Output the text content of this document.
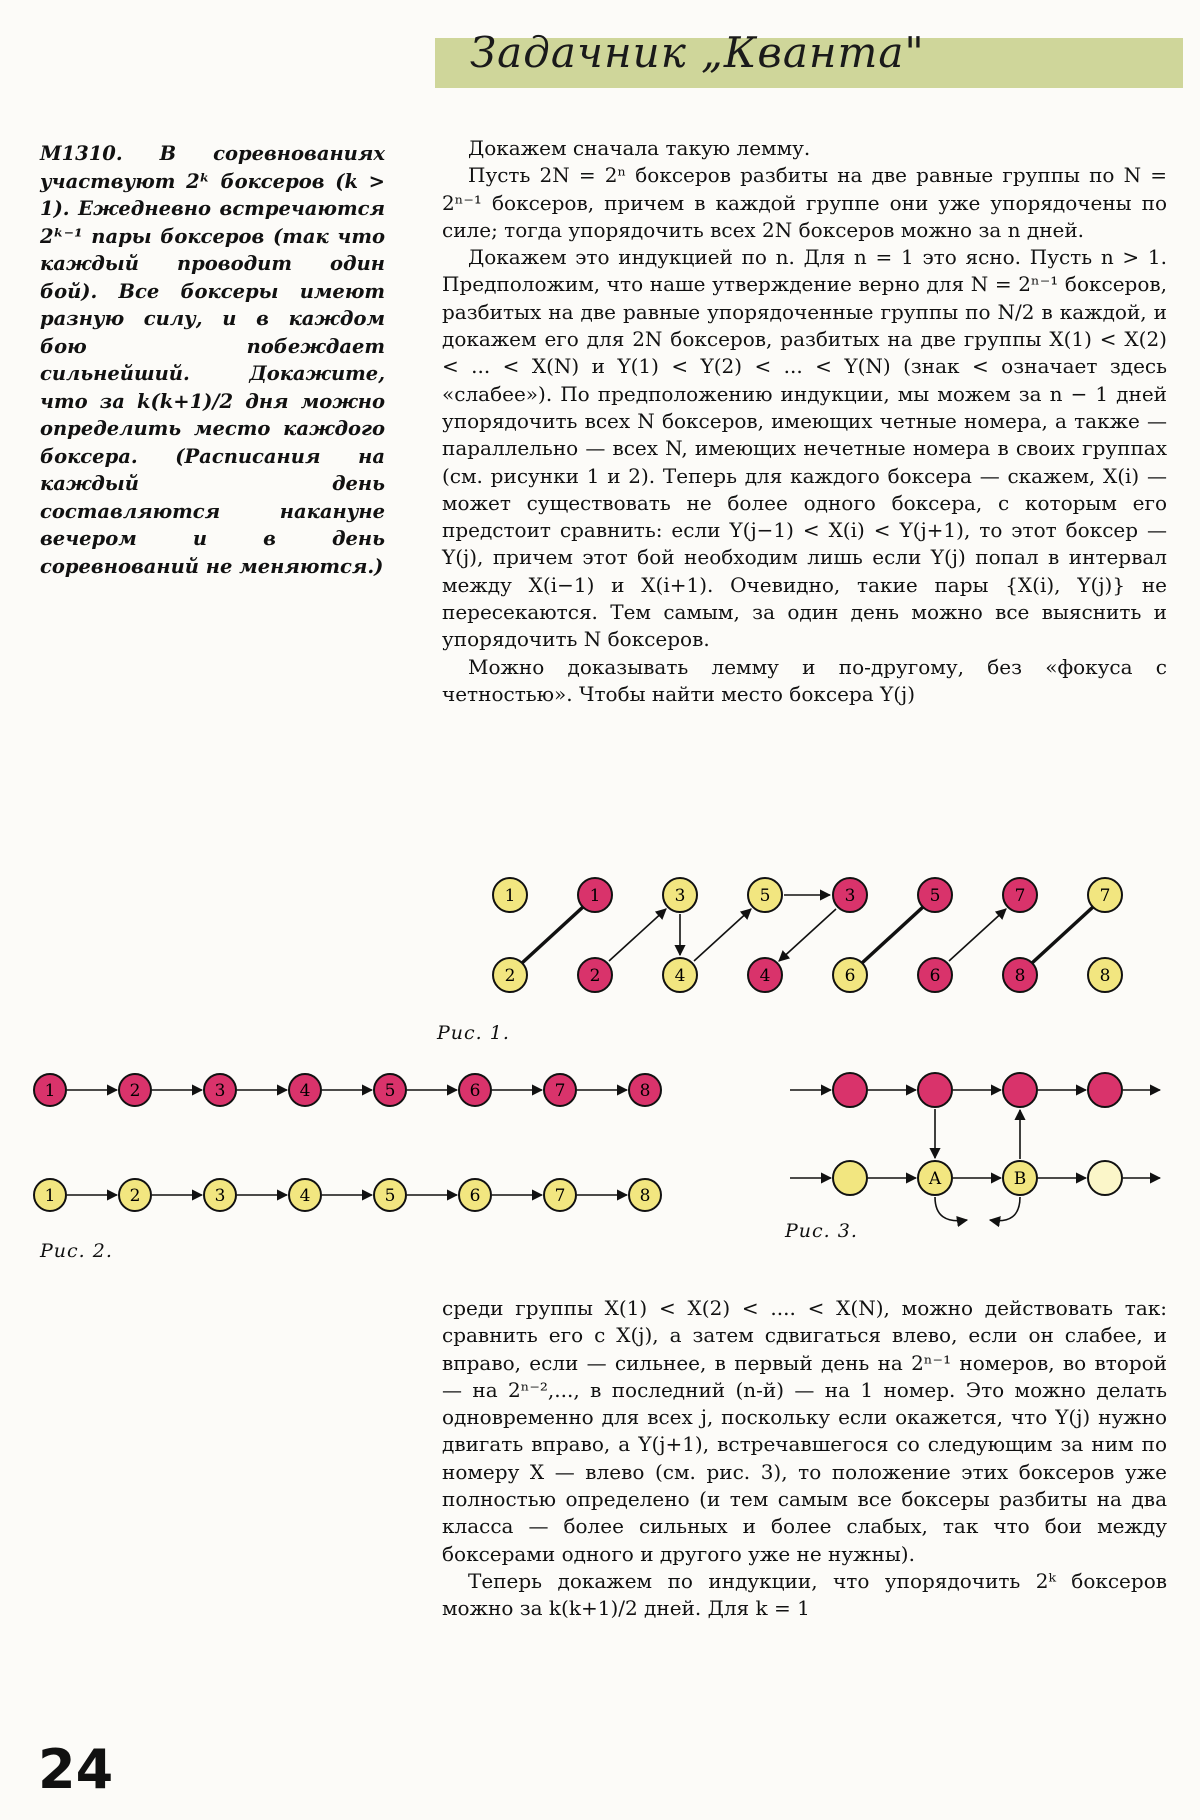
Задачник „Кванта"
М1310. В соревнованиях участвуют 2ᵏ боксеров (k > 1). Ежедневно встречаются 2ᵏ⁻¹ пары боксеров (так что каждый проводит один бой). Все боксеры имеют разную силу, и в каждом бою побеждает сильнейший. Докажите, что за k(k+1)/2 дня можно определить место каждого боксера. (Расписания на каждый день составляются накануне вечером и в день соревнований не меняются.)

Докажем сначала такую лемму.

Пусть 2N = 2ⁿ боксеров разбиты на две равные группы по N = 2ⁿ⁻¹ боксеров, причем в каждой группе они уже упорядочены по силе; тогда упорядочить всех 2N боксеров можно за n дней.

Докажем это индукцией по n. Для n = 1 это ясно. Пусть n > 1. Предположим, что наше утверждение верно для N = 2ⁿ⁻¹ боксеров, разбитых на две равные упорядоченные группы по N/2 в каждой, и докажем его для 2N боксеров, разбитых на две группы X(1) < X(2) < ... < X(N) и Y(1) < Y(2) < ... < Y(N) (знак < означает здесь «слабее»). По предположению индукции, мы можем за n − 1 дней упорядочить всех N боксеров, имеющих четные номера, а также — параллельно — всех N, имеющих нечетные номера в своих группах (см. рисунки 1 и 2). Теперь для каждого боксера — скажем, X(i) — может существовать не более одного боксера, с которым его предстоит сравнить: если Y(j−1) < X(i) < Y(j+1), то этот боксер — Y(j), причем этот бой необходим лишь если Y(j) попал в интервал между X(i−1) и X(i+1). Очевидно, такие пары {X(i), Y(j)} не пересекаются. Тем самым, за один день можно все выяснить и упорядочить N боксеров.

Можно доказывать лемму и по-другому, без «фокуса с четностью». Чтобы найти место боксера Y(j)

1	1	3	5	3	5	7	7
2	2	4	4	6	6	8	8
Рис. 1.
1	2	3	4	5	6	7	8
1	2	3	4	5	6	7	8
Рис. 2.
A	B
Рис. 3.

среди группы X(1) < X(2) < .... < X(N), можно действовать так: сравнить его с X(j), а затем сдвигаться влево, если он слабее, и вправо, если — сильнее, в первый день на 2ⁿ⁻¹ номеров, во второй — на 2ⁿ⁻²,..., в последний (n-й) — на 1 номер. Это можно делать одновременно для всех j, поскольку если окажется, что Y(j) нужно двигать вправо, а Y(j+1), встречавшегося со следующим за ним по номеру X — влево (см. рис. 3), то положение этих боксеров уже полностью определено (и тем самым все боксеры разбиты на два класса — более сильных и более слабых, так что бои между боксерами одного и другого уже не нужны).

Теперь докажем по индукции, что упорядочить 2ᵏ боксеров можно за k(k+1)/2 дней. Для k = 1

24
